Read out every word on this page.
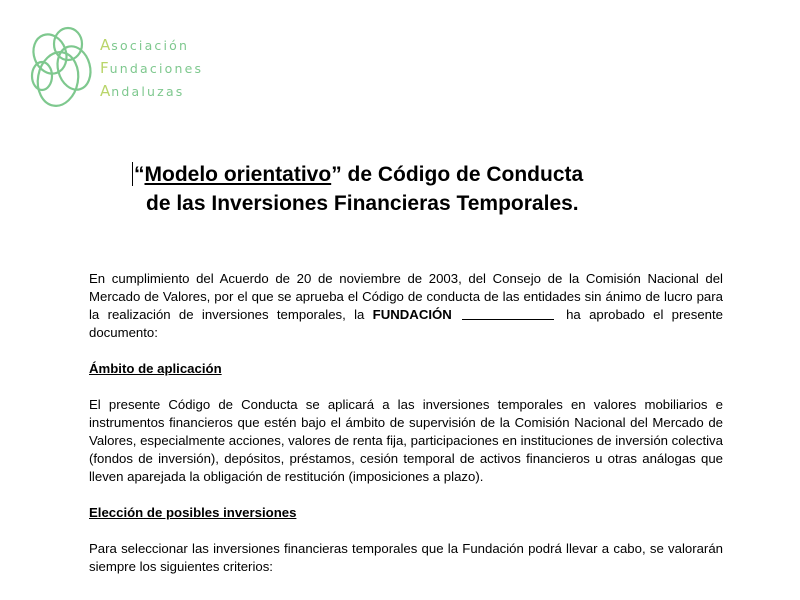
Asociación
Fundaciones
Andaluzas
“Modelo orientativo” de Código de Conducta
de las Inversiones Financieras Temporales.

En cumplimiento del Acuerdo de 20 de noviembre de 2003, del Consejo de la Comisión Nacional del Mercado de Valores, por el que se aprueba el Código de conducta de las entidades sin ánimo de lucro para la realización de inversiones temporales, la FUNDACIÓN	ha aprobado el presente documento:

Ámbito de aplicación

El presente Código de Conducta se aplicará a las inversiones temporales en valores mobiliarios e instrumentos financieros que estén bajo el ámbito de supervisión de la Comisión Nacional del Mercado de Valores, especialmente acciones, valores de renta fija, participaciones en instituciones de inversión colectiva (fondos de inversión), depósitos, préstamos, cesión temporal de activos financieros u otras análogas que lleven aparejada la obligación de restitución (imposiciones a plazo).

Elección de posibles inversiones

Para seleccionar las inversiones financieras temporales que la Fundación podrá llevar a cabo, se valorarán siempre los siguientes criterios:
